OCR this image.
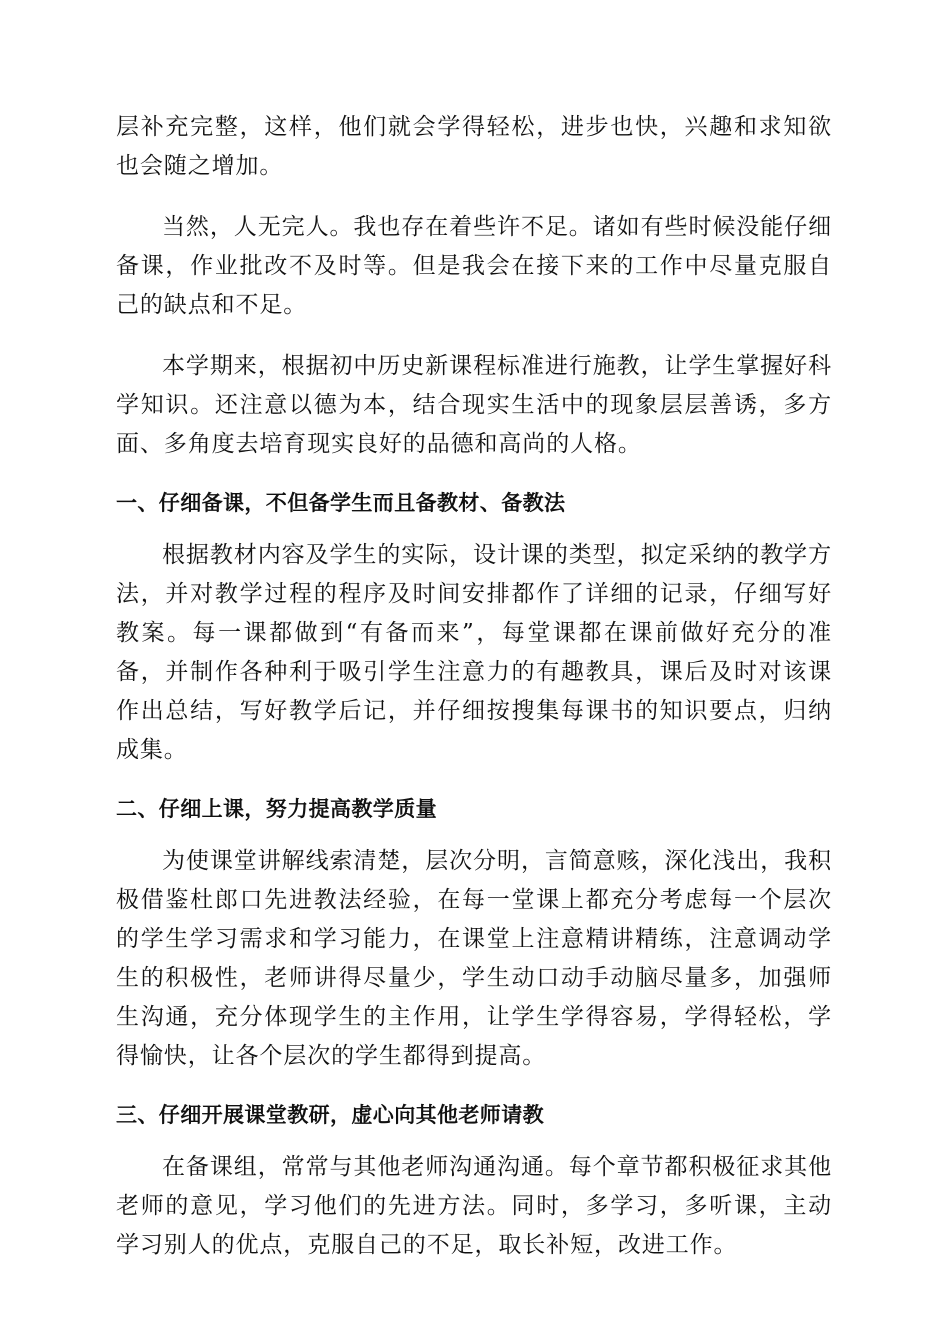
层补充完整，这样，他们就会学得轻松，进步也快，兴趣和求知欲也会随之增加。

当然，人无完人。我也存在着些许不足。诸如有些时候没能仔细备课，作业批改不及时等。但是我会在接下来的工作中尽量克服自己的缺点和不足。

本学期来，根据初中历史新课程标准进行施教，让学生掌握好科学知识。还注意以德为本，结合现实生活中的现象层层善诱，多方面、多角度去培育现实良好的品德和高尚的人格。

一、仔细备课，不但备学生而且备教材、备教法

根据教材内容及学生的实际，设计课的类型，拟定采纳的教学方法，并对教学过程的程序及时间安排都作了详细的记录，仔细写好教案。每一课都做到“有备而来”，每堂课都在课前做好充分的准备，并制作各种利于吸引学生注意力的有趣教具，课后及时对该课作出总结，写好教学后记，并仔细按搜集每课书的知识要点，归纳成集。

二、仔细上课，努力提高教学质量

为使课堂讲解线索清楚，层次分明，言简意赅，深化浅出，我积极借鉴杜郎口先进教法经验，在每一堂课上都充分考虑每一个层次的学生学习需求和学习能力，在课堂上注意精讲精练，注意调动学生的积极性，老师讲得尽量少，学生动口动手动脑尽量多，加强师生沟通，充分体现学生的主作用，让学生学得容易，学得轻松，学得愉快，让各个层次的学生都得到提高。

三、仔细开展课堂教研，虚心向其他老师请教

在备课组，常常与其他老师沟通沟通。每个章节都积极征求其他老师的意见，学习他们的先进方法。同时，多学习，多听课，主动学习别人的优点，克服自己的不足，取长补短，改进工作。
